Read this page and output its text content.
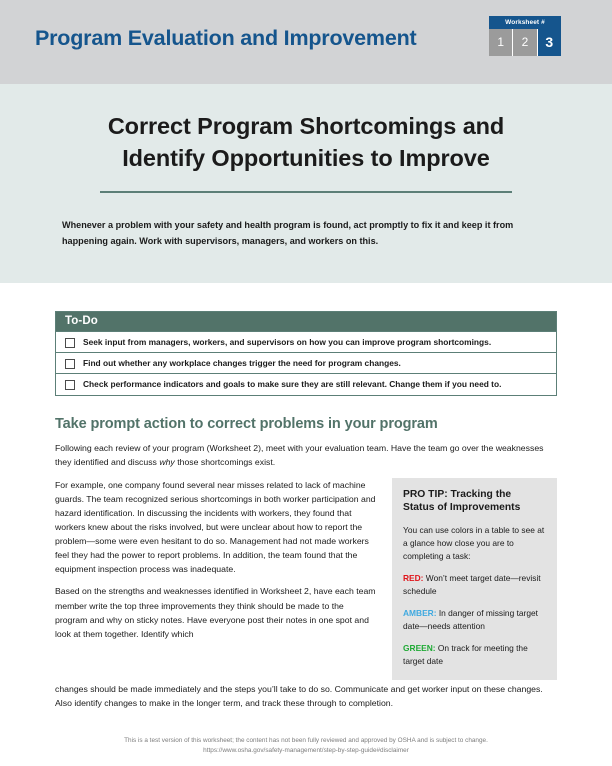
Program Evaluation and Improvement
Worksheet #
1	2	3
Correct Program Shortcomings and
Identify Opportunities to Improve
Whenever a problem with your safety and health program is found, act promptly to fix it and keep it from happening again. Work with supervisors, managers, and workers on this.
To-Do
Seek input from managers, workers, and supervisors on how you can improve program shortcomings.
Find out whether any workplace changes trigger the need for program changes.
Check performance indicators and goals to make sure they are still relevant. Change them if you need to.
Take prompt action to correct problems in your program
Following each review of your program (Worksheet 2), meet with your evaluation team. Have the team go over the weaknesses they identified and discuss why those shortcomings exist.
For example, one company found several near misses related to lack of machine guards. The team recognized serious shortcomings in both worker participation and hazard identification. In discussing the incidents with workers, they found that workers knew about the risks involved, but were unclear about how to report the problem—some were even hesitant to do so. Management had not made workers feel they had the power to report problems. In addition, the team found that the equipment inspection process was inadequate.
Based on the strengths and weaknesses identified in Worksheet 2, have each team member write the top three improvements they think should be made to the program and why on sticky notes. Have everyone post their notes in one spot and look at them together. Identify which
PRO TIP: Tracking the
Status of Improvements
You can use colors in a table to see at a glance how close you are to completing a task:
RED: Won’t meet target date—revisit schedule
AMBER: In danger of missing target date—needs attention
GREEN: On track for meeting the target date
changes should be made immediately and the steps you’ll take to do so. Communicate and get worker input on these changes. Also identify changes to make in the longer term, and track these through to completion.
This is a test version of this worksheet; the content has not been fully reviewed and approved by OSHA and is subject to change.
https://www.osha.gov/safety-management/step-by-step-guide#disclaimer
